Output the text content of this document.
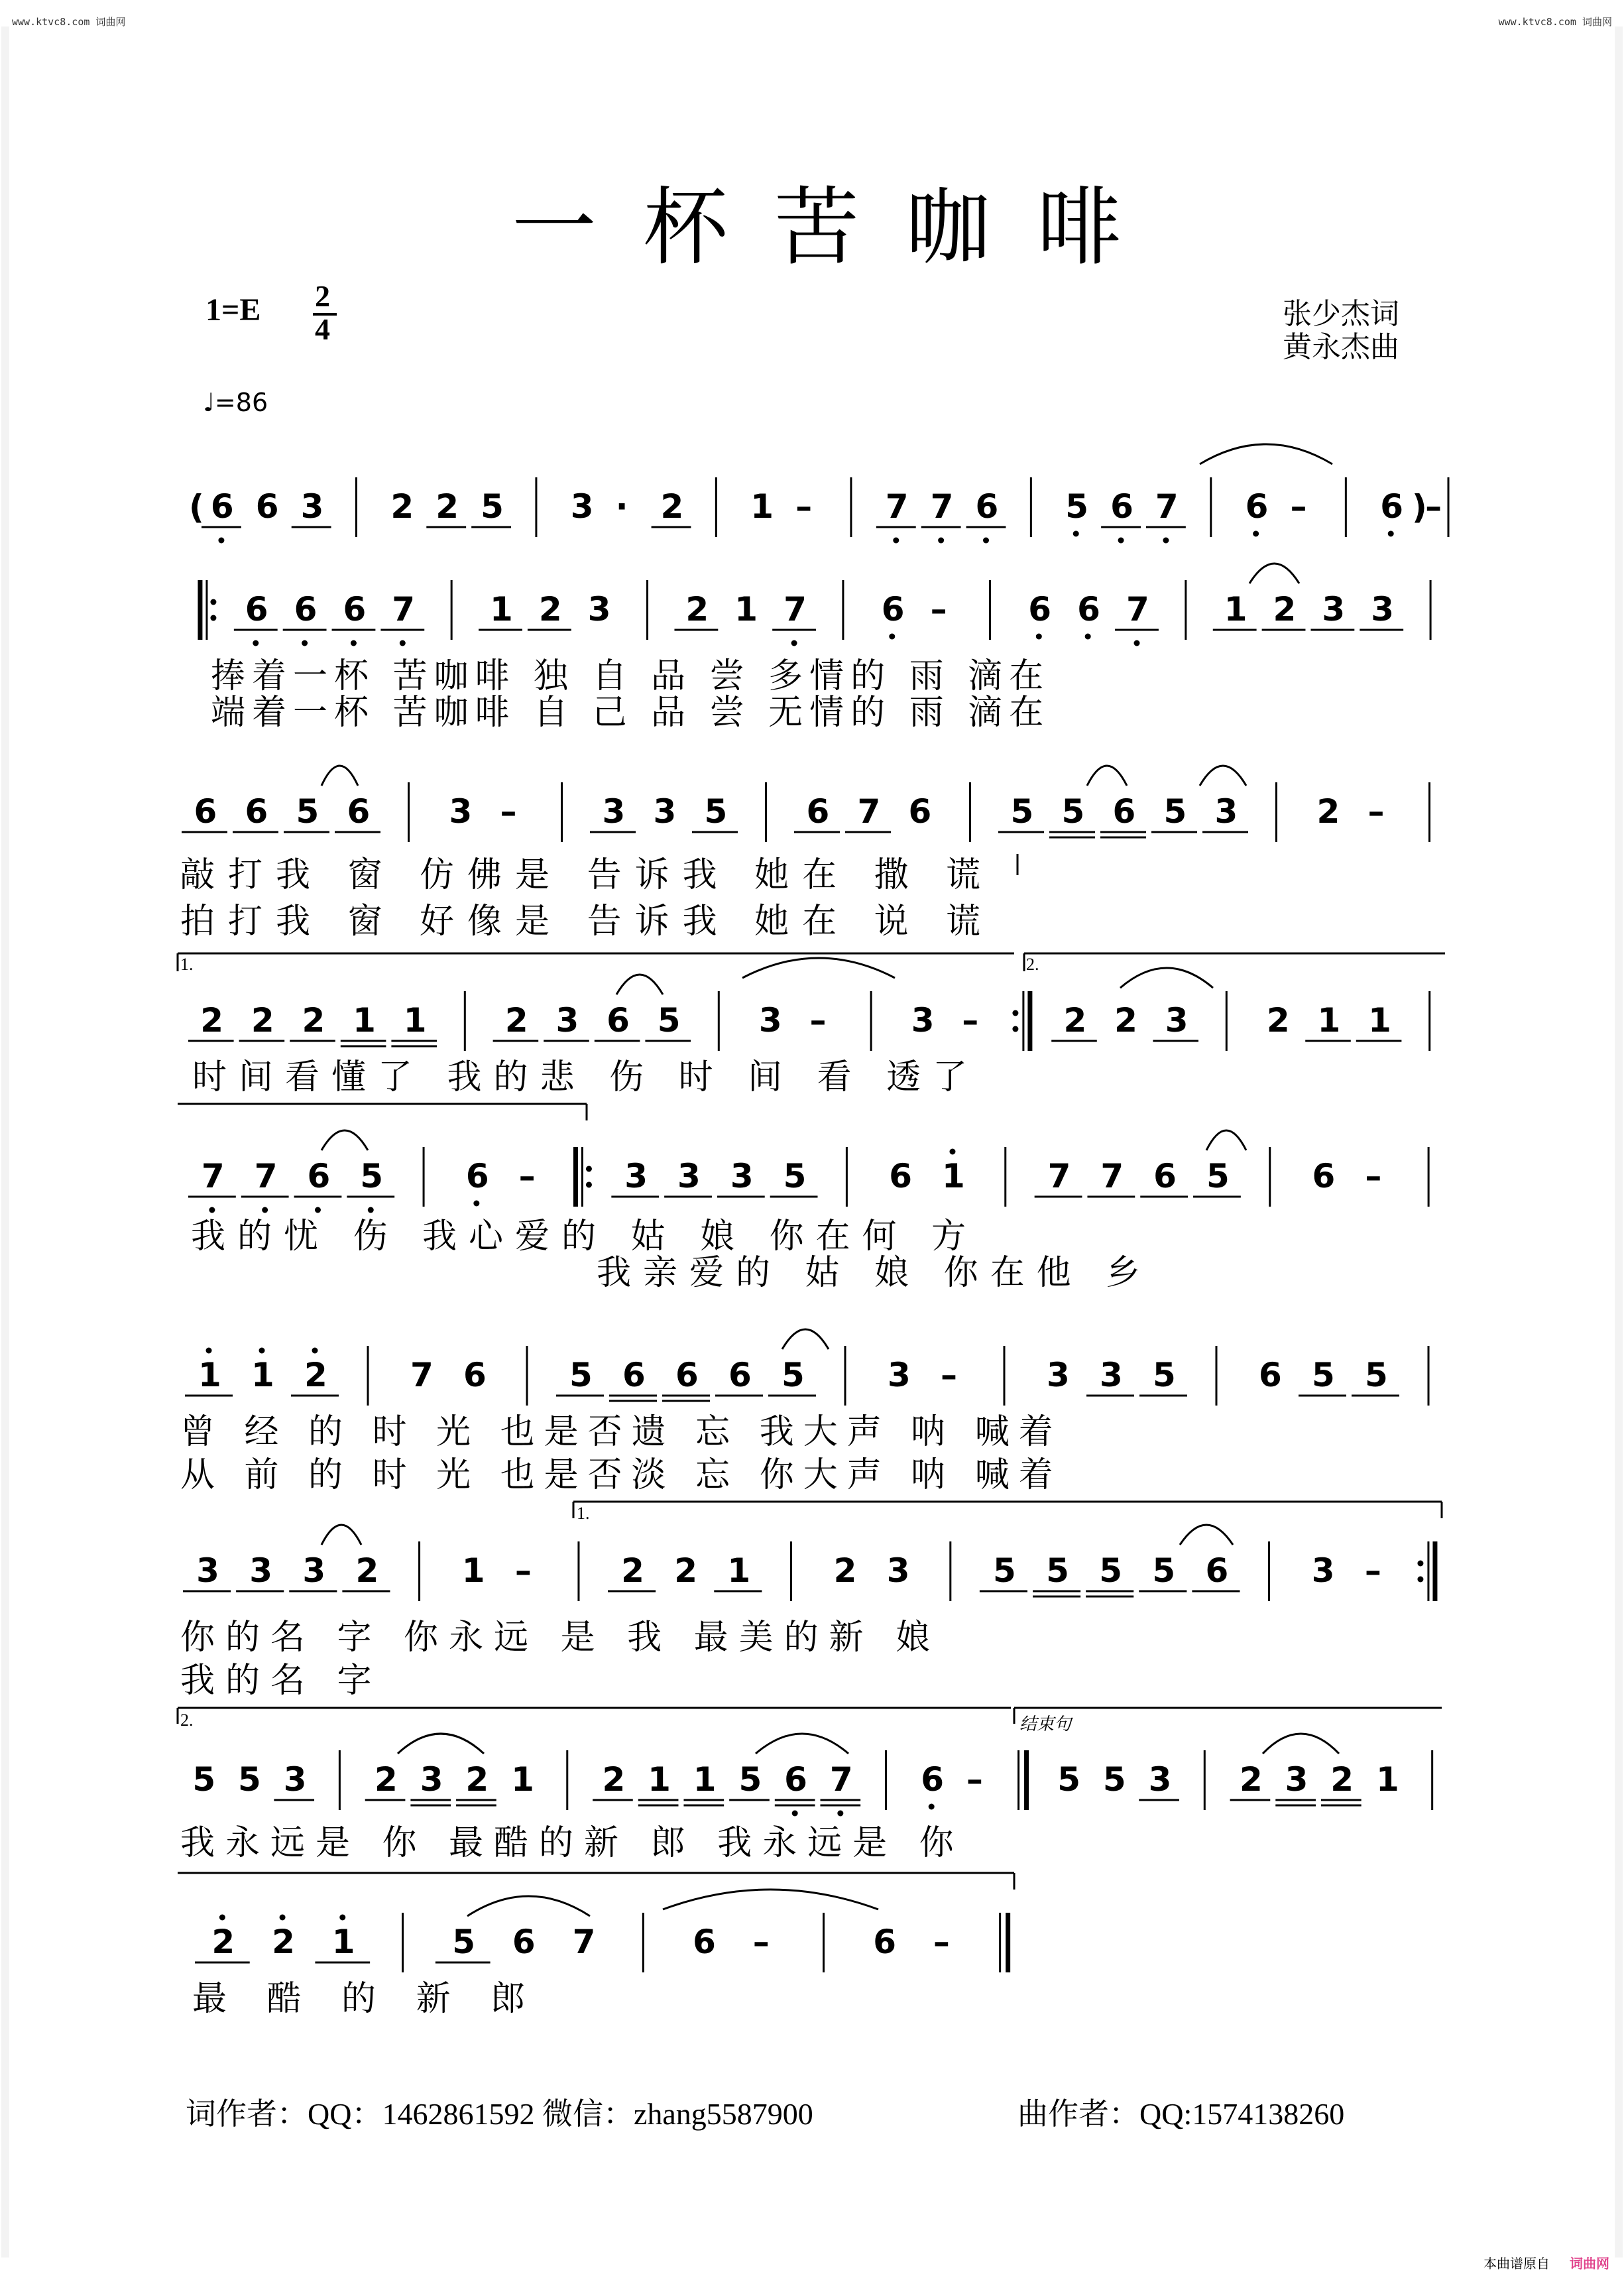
www.ktvc8.com 词曲网	www.ktvc8.com 词曲网
一杯苦咖啡
1=E 2
4
♩=86
张少杰词
黄永杰曲
( 6 6 3 2 2 5 3 · 2 1 – 7 7 6 5 6 7 6 – 6 –
)
6 6 6 7 1 2 3 2 1 7 6 – 6 6 7 1 2 3 3
6 6 5 6 3 –	3 3 5 6 7 6 5 5 6 5 3 2 –
2 2 2 1 1 2 3 6 5 3 –	3 –	2 2 3 2 1 1
7 7 6 5 6 –	3 3 3 5 6 1 7 7 6 5 6 –
1 1 2	7 6	5 6 6 6 5	3 –	3 3 5	6 5 5
3 3 3 2	1 –	2 2 1	2 3	5 5 5 5 6	3 –
5 5 3 2 3 2 1 2 1 1 5 6 7 6 – 5 5 3 2 3 2 1
2 2 1	5 6 7	6 –	6 –
捧着一杯 苦咖啡 独 自 品 尝 多情的 雨 滴在
端着一杯 苦咖啡 自 己 品 尝 无情的 雨 滴在
敲打我 窗 仿佛是 告诉我 她在 撒 谎
拍打我 窗 好像是 告诉我 她在 说 谎
时间看懂了 我的悲 伤 时 间 看 透了
我的忧 伤 我心爱的 姑 娘 你在何 方
我亲爱的 姑 娘 你在他 乡
曾 经 的 时 光 也是否遗 忘 我大声 呐 喊着
从 前 的 时 光 也是否淡 忘 你大声 呐 喊着
你的名 字 你永远 是 我 最美的新 娘
我的名 字
我永远是 你 最酷的新 郎 我永远是 你
最 酷 的 新 郎
1.	2.
1.
2.	结束句
词作者：QQ：1462861592 微信：zhang5587900	曲作者：QQ:1574138260
本曲谱原自 词曲网
